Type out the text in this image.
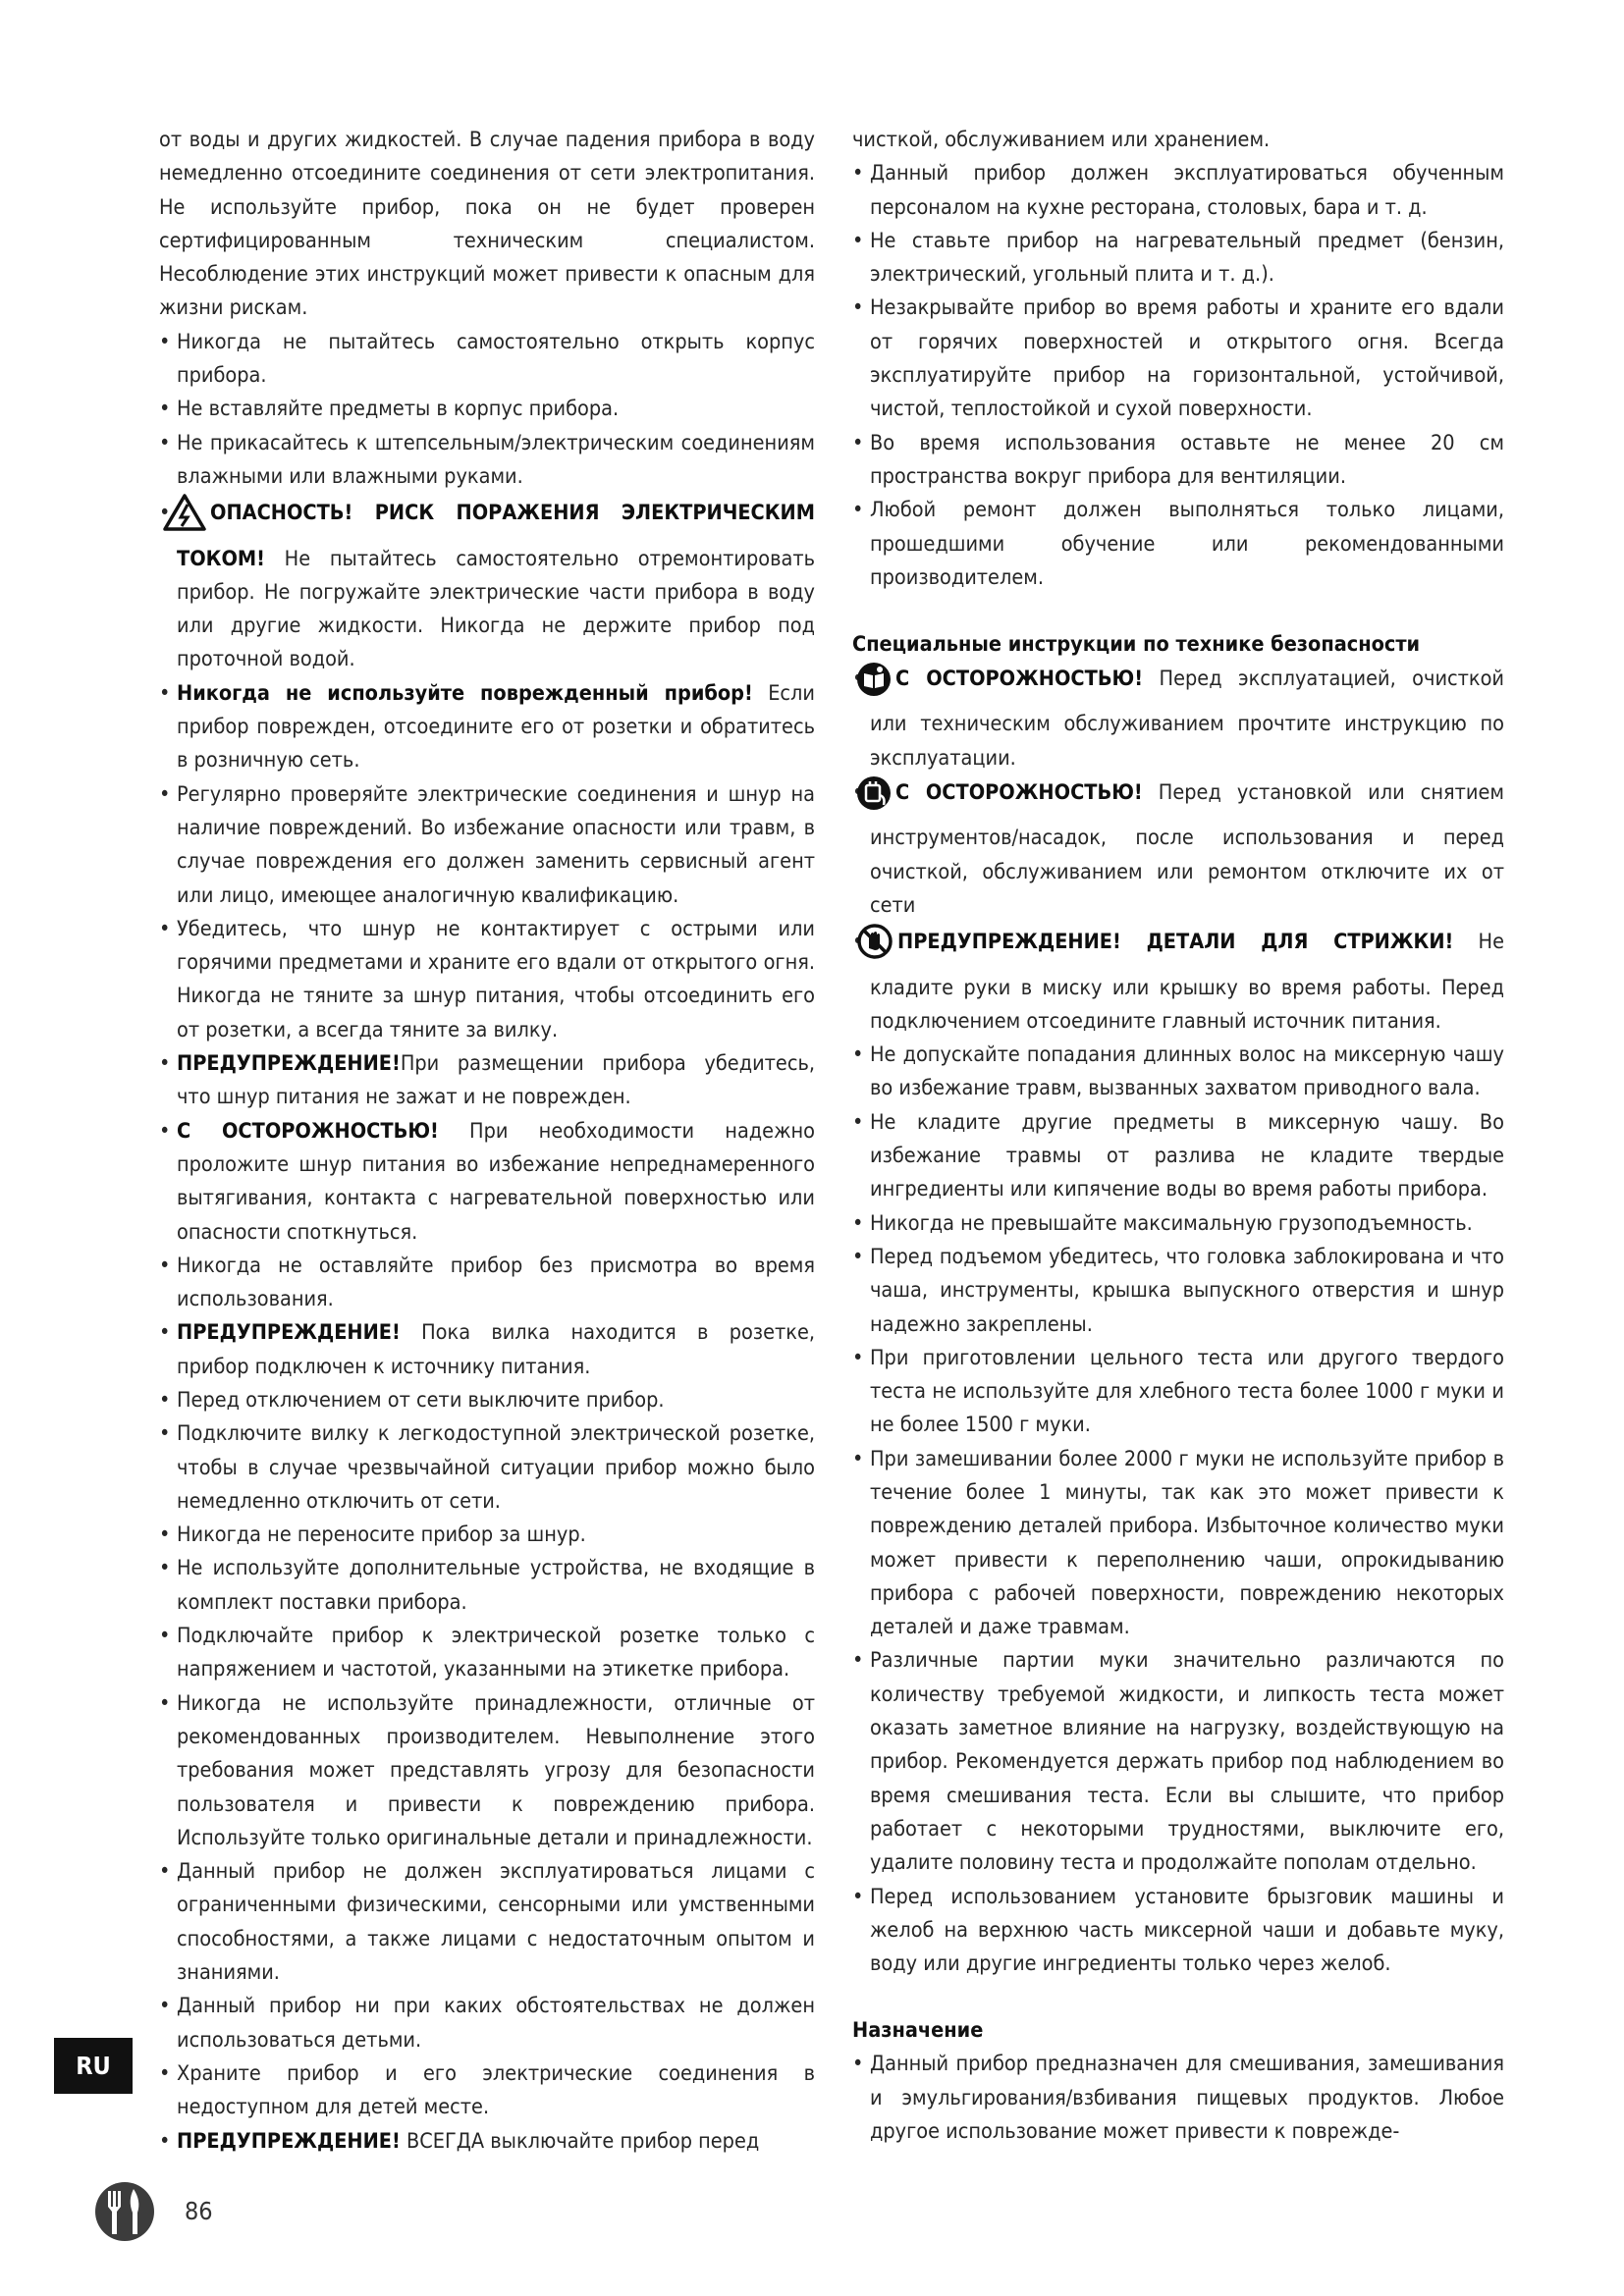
от воды и других жидкостей. В случае падения прибора в воду немедленно отсоедините соединения от сети электропитания. Не используйте прибор, пока он не будет проверен сертифицированным техническим специалистом. Несоблюдение этих инструкций может привести к опасным для жизни рискам.

• Никогда не пытайтесь самостоятельно открыть корпус прибора.

• Не вставляйте предметы в корпус прибора.

• Не прикасайтесь к штепсельным/электрическим соединениям влажными или влажными руками.

• ОПАСНОСТЬ! РИСК ПОРАЖЕНИЯ ЭЛЕКТРИЧЕСКИМ ТОКОМ! Не пытайтесь самостоятельно отремонтировать прибор. Не погружайте электрические части прибора в воду или другие жидкости. Никогда не держите прибор под проточной водой.

• Никогда не используйте поврежденный прибор! Если прибор поврежден, отсоедините его от розетки и обратитесь в розничную сеть.

• Регулярно проверяйте электрические соединения и шнур на наличие повреждений. Во избежание опасности или травм, в случае повреждения его должен заменить сервисный агент или лицо, имеющее аналогичную квалификацию.

• Убедитесь, что шнур не контактирует с острыми или горячими предметами и храните его вдали от открытого огня. Никогда не тяните за шнур питания, чтобы отсоединить его от розетки, а всегда тяните за вилку.

• ПРЕДУПРЕЖДЕНИЕ!При размещении прибора убедитесь, что шнур питания не зажат и не поврежден.

• С ОСТОРОЖНОСТЬЮ! При необходимости надежно проложите шнур питания во избежание непреднамеренного вытягивания, контакта с нагревательной поверхностью или опасности споткнуться.

• Никогда не оставляйте прибор без присмотра во время использования.

• ПРЕДУПРЕЖДЕНИЕ! Пока вилка находится в розетке, прибор подключен к источнику питания.

• Перед отключением от сети выключите прибор.

• Подключите вилку к легкодоступной электрической розетке, чтобы в случае чрезвычайной ситуации прибор можно было немедленно отключить от сети.

• Никогда не переносите прибор за шнур.

• Не используйте дополнительные устройства, не входящие в комплект поставки прибора.

• Подключайте прибор к электрической розетке только с напряжением и частотой, указанными на этикетке прибора.

• Никогда не используйте принадлежности, отличные от рекомендованных производителем. Невыполнение этого требования может представлять угрозу для безопасности пользователя и привести к повреждению прибора. Используйте только оригинальные детали и принадлежности.

• Данный прибор не должен эксплуатироваться лицами с ограниченными физическими, сенсорными или умственными способностями, а также лицами с недостаточным опытом и знаниями.

• Данный прибор ни при каких обстоятельствах не должен использоваться детьми.

• Храните прибор и его электрические соединения в недоступном для детей месте.

• ПРЕДУПРЕЖДЕНИЕ! ВСЕГДА выключайте прибор перед

чисткой, обслуживанием или хранением.

• Данный прибор должен эксплуатироваться обученным персоналом на кухне ресторана, столовых, бара и т. д.

• Не ставьте прибор на нагревательный предмет (бензин, электрический, угольный плита и т. д.).

• Незакрывайте прибор во время работы и храните его вдали от горячих поверхностей и открытого огня. Всегда эксплуатируйте прибор на горизонтальной, устойчивой, чистой, теплостойкой и сухой поверхности.

• Во время использования оставьте не менее 20 см пространства вокруг прибора для вентиляции.

• Любой ремонт должен выполняться только лицами, прошедшими обучение или рекомендованными производителем.

Специальные инструкции по технике безопасности

• С ОСТОРОЖНОСТЬЮ! Перед эксплуатацией, очисткой или техническим обслуживанием прочтите инструкцию по эксплуатации.

• С ОСТОРОЖНОСТЬЮ! Перед установкой или снятием инструментов/насадок, после использования и перед очисткой, обслуживанием или ремонтом отключите их от сети

• ПРЕДУПРЕЖДЕНИЕ! ДЕТАЛИ ДЛЯ СТРИЖКИ! Не кладите руки в миску или крышку во время работы. Перед подключением отсоедините главный источник питания.

• Не допускайте попадания длинных волос на миксерную чашу во избежание травм, вызванных захватом приводного вала.

• Не кладите другие предметы в миксерную чашу. Во избежание травмы от разлива не кладите твердые ингредиенты или кипячение воды во время работы прибора.

• Никогда не превышайте максимальную грузоподъемность.

• Перед подъемом убедитесь, что головка заблокирована и что чаша, инструменты, крышка выпускного отверстия и шнур надежно закреплены.

• При приготовлении цельного теста или другого твердого теста не используйте для хлебного теста более 1000 г муки и не более 1500 г муки.

• При замешивании более 2000 г муки не используйте прибор в течение более 1 минуты, так как это может привести к повреждению деталей прибора. Избыточное количество муки может привести к переполнению чаши, опрокидыванию прибора с рабочей поверхности, повреждению некоторых деталей и даже травмам.

• Различные партии муки значительно различаются по количеству требуемой жидкости, и липкость теста может оказать заметное влияние на нагрузку, воздействующую на прибор. Рекомендуется держать прибор под наблюдением во время смешивания теста. Если вы слышите, что прибор работает с некоторыми трудностями, выключите его, удалите половину теста и продолжайте пополам отдельно.

• Перед использованием установите брызговик машины и желоб на верхнюю часть миксерной чаши и добавьте муку, воду или другие ингредиенты только через желоб.

Назначение

• Данный прибор предназначен для смешивания, замешивания и эмульгирования/взбивания пищевых продуктов. Любое другое использование может привести к поврежде-

RU
86
